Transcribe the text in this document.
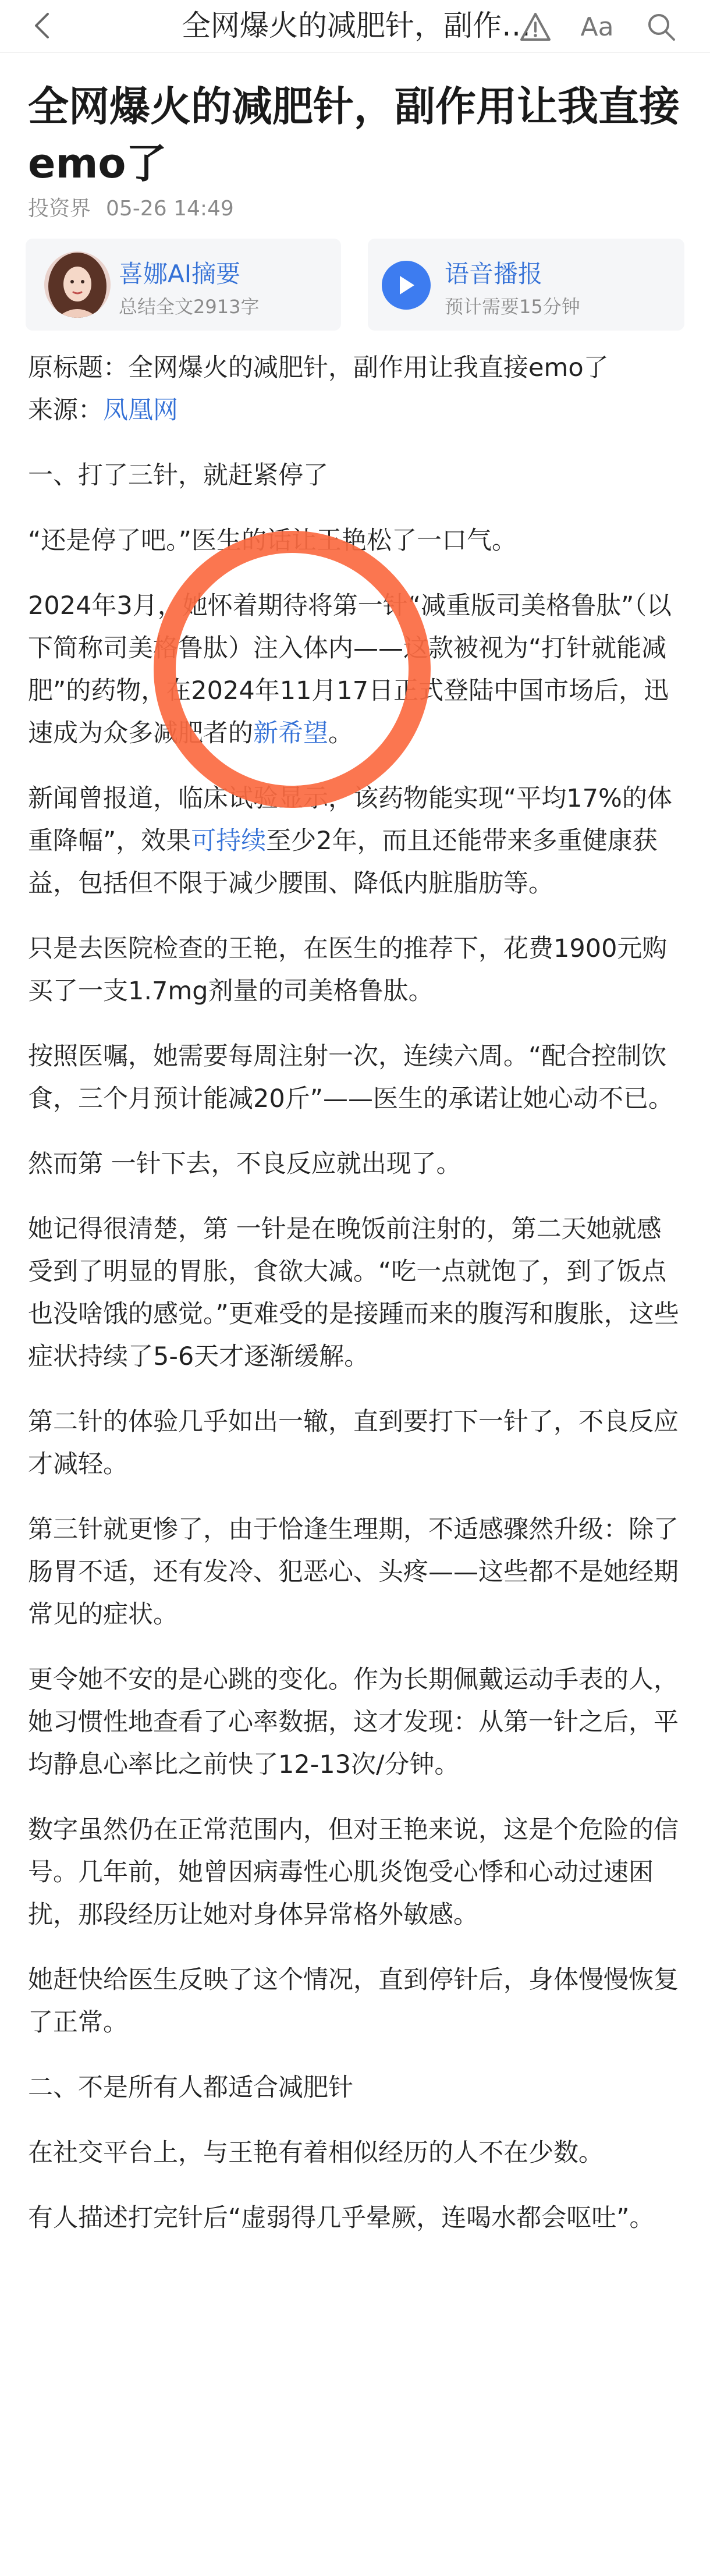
全网爆火的减肥针，副作… Aa
全网爆火的减肥针，副作用让我直接emo了
投资界 05-26 14:49
喜娜AI摘要
总结全文2913字
语音播报
预计需要15分钟

原标题：全网爆火的减肥针，副作用让我直接emo了
来源：凤凰网

一、打了三针，就赶紧停了

“还是停了吧。”医生的话让王艳松了一口气。

2024年3月，她怀着期待将第一针“减重版司美格鲁肽”（以下简称司美格鲁肽）注入体内——这款被视为“打针就能减肥”的药物，在2024年11月17日正式登陆中国市场后，迅速成为众多减肥者的新希望。

新闻曾报道，临床试验显示，该药物能实现“平均17%的体重降幅”，效果可持续至少2年，而且还能带来多重健康获益，包括但不限于减少腰围、降低内脏脂肪等。

只是去医院检查的王艳，在医生的推荐下，花费1900元购买了一支1.7mg剂量的司美格鲁肽。

按照医嘱，她需要每周注射一次，连续六周。“配合控制饮食，三个月预计能减20斤”——医生的承诺让她心动不已。

然而第 一针下去，不良反应就出现了。

她记得很清楚，第 一针是在晚饭前注射的，第二天她就感受到了明显的胃胀，食欲大减。“吃一点就饱了，到了饭点也没啥饿的感觉。”更难受的是接踵而来的腹泻和腹胀，这些症状持续了5-6天才逐渐缓解。

第二针的体验几乎如出一辙，直到要打下一针了，不良反应才减轻。

第三针就更惨了，由于恰逢生理期，不适感骤然升级：除了肠胃不适，还有发冷、犯恶心、头疼——这些都不是她经期常见的症状。

更令她不安的是心跳的变化。作为长期佩戴运动手表的人，她习惯性地查看了心率数据，这才发现：从第一针之后，平均静息心率比之前快了12-13次/分钟。

数字虽然仍在正常范围内，但对王艳来说，这是个危险的信号。几年前，她曾因病毒性心肌炎饱受心悸和心动过速困扰，那段经历让她对身体异常格外敏感。

她赶快给医生反映了这个情况，直到停针后，身体慢慢恢复了正常。

二、不是所有人都适合减肥针

在社交平台上，与王艳有着相似经历的人不在少数。

有人描述打完针后“虚弱得几乎晕厥，连喝水都会呕吐”。
